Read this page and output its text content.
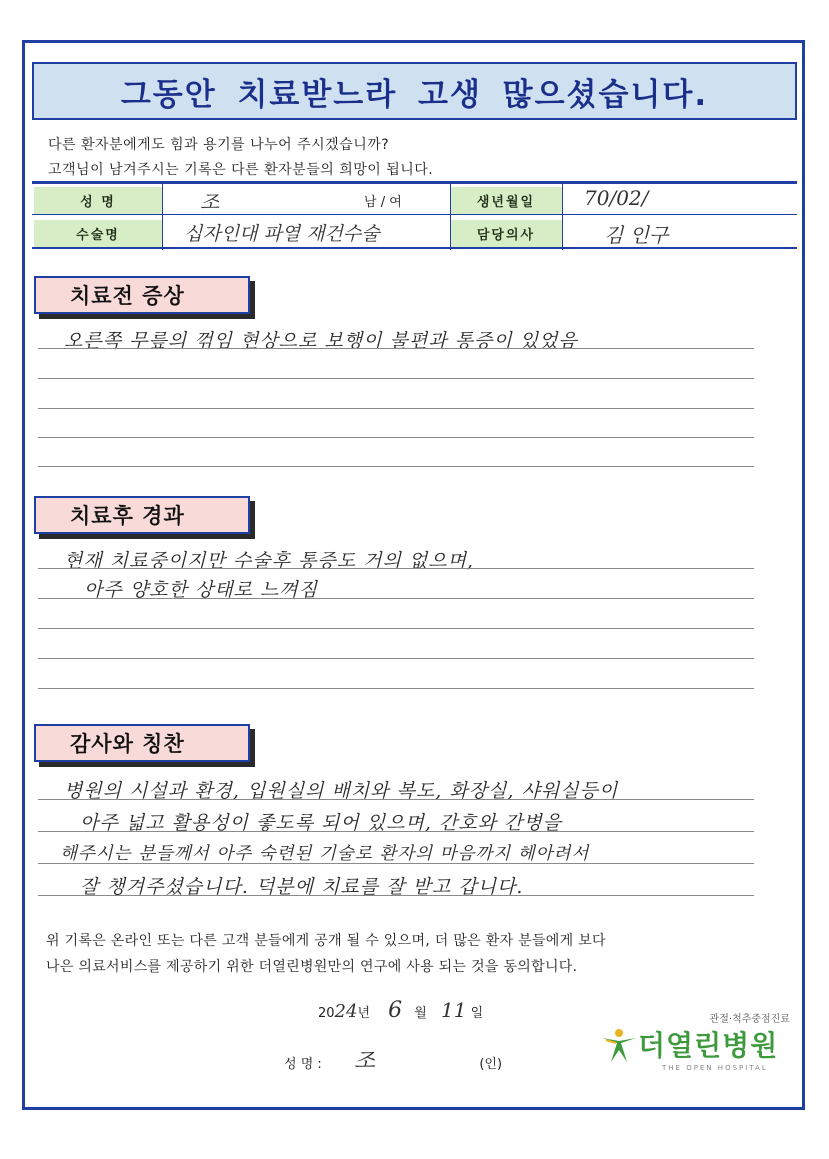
그동안 치료받느라 고생 많으셨습니다.
다른 환자분에게도 힘과 용기를 나누어 주시겠습니까?
고객님이 남겨주시는 기록은 다른 환자분들의 희망이 됩니다.
성 명	조	남 / 여	생년월일	70/02/
수술명	십자인대 파열 재건수술	담당의사	김 인구
치료전 증상
오른쪽 무릎의 꺾임 현상으로 보행이 불편과 통증이 있었음
치료후 경과
현재 치료중이지만 수술후 통증도 거의 없으며,
아주 양호한 상태로 느껴짐
감사와 칭찬
병원의 시설과 환경, 입원실의 배치와 복도, 화장실, 샤워실등이
아주 넓고 활용성이 좋도록 되어 있으며, 간호와 간병을
해주시는 분들께서 아주 숙련된 기술로 환자의 마음까지 헤아려서
잘 챙겨주셨습니다. 덕분에 치료를 잘 받고 갑니다.
위 기록은 온라인 또는 다른 고객 분들에게 공개 될 수 있으며, 더 많은 환자 분들에게 보다
나은 의료서비스를 제공하기 위한 더열린병원만의 연구에 사용 되는 것을 동의합니다.
2024년 6 월 11 일
성 명 : 조	(인)
관절·척추중점진료
더열린병원
THE OPEN HOSPITAL
